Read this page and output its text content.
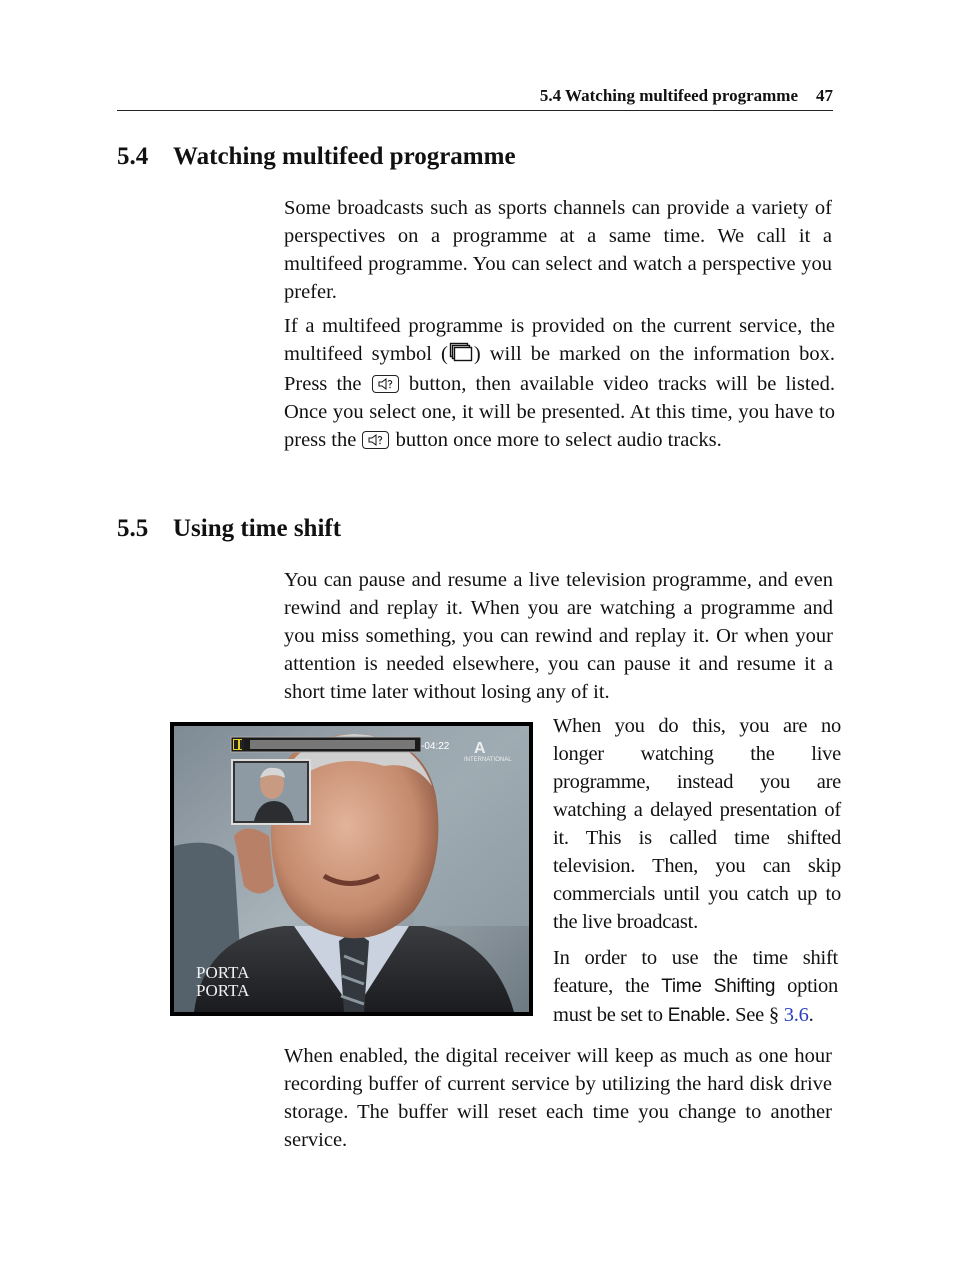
5.4 Watching multifeed programme 47
5.4 Watching multifeed programme

Some broadcasts such as sports channels can provide a variety of perspectives on a programme at a same time. We call it a multifeed programme. You can select and watch a perspective you prefer.

If a multifeed programme is provided on the current service, the multifeed symbol ( ) will be marked on the information box. Press the button, then available video tracks will be listed. Once you select one, it will be presented. At this time, you have to press the button once more to select audio tracks.

5.5 Using time shift

You can pause and resume a live television programme, and even rewind and replay it. When you are watching a programme and you miss something, you can rewind and replay it. Or when your attention is needed elsewhere, you can pause it and resume it a short time later without losing any of it.

-04:22 A
INTERNATIONAL
PORTA
PORTA

When you do this, you are no longer watching the live programme, instead you are watching a delayed presentation of it. This is called time shifted television. Then, you can skip commercials until you catch up to the live broadcast.

In order to use the time shift feature, the Time Shifting option must be set to Enable. See § 3.6.

When enabled, the digital receiver will keep as much as one hour recording buffer of current service by utilizing the hard disk drive storage. The buffer will reset each time you change to another service.
